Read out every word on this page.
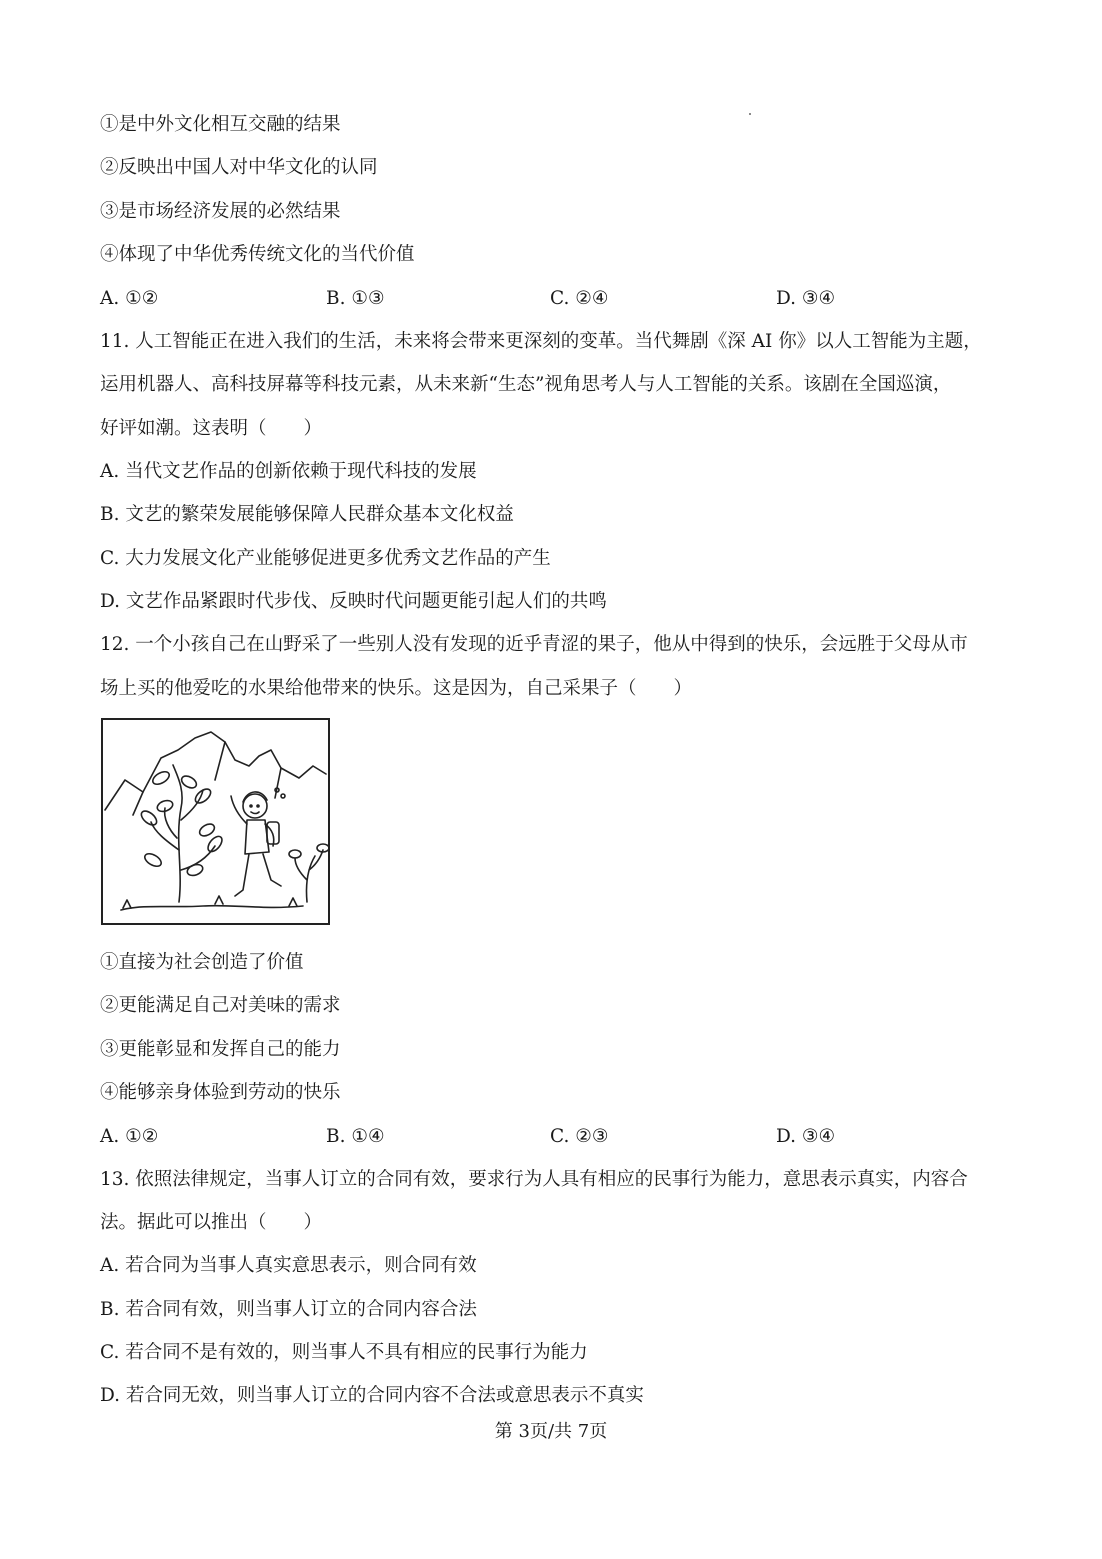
①是中外文化相互交融的结果
②反映出中国人对中华文化的认同
③是市场经济发展的必然结果
④体现了中华优秀传统文化的当代价值
A. ①②	B. ①③	C. ②④	D. ③④
11. 人工智能正在进入我们的生活，未来将会带来更深刻的变革。当代舞剧《深 AI 你》以人工智能为主题，
运用机器人、高科技屏幕等科技元素，从未来新“生态”视角思考人与人工智能的关系。该剧在全国巡演，
好评如潮。这表明（　　）
A. 当代文艺作品的创新依赖于现代科技的发展
B. 文艺的繁荣发展能够保障人民群众基本文化权益
C. 大力发展文化产业能够促进更多优秀文艺作品的产生
D. 文艺作品紧跟时代步伐、反映时代问题更能引起人们的共鸣
12. 一个小孩自己在山野采了一些别人没有发现的近乎青涩的果子，他从中得到的快乐，会远胜于父母从市
场上买的他爱吃的水果给他带来的快乐。这是因为，自己采果子（　　）
①直接为社会创造了价值
②更能满足自己对美味的需求
③更能彰显和发挥自己的能力
④能够亲身体验到劳动的快乐
A. ①②	B. ①④	C. ②③	D. ③④
13. 依照法律规定，当事人订立的合同有效，要求行为人具有相应的民事行为能力，意思表示真实，内容合
法。据此可以推出（　　）
A. 若合同为当事人真实意思表示，则合同有效
B. 若合同有效，则当事人订立的合同内容合法
C. 若合同不是有效的，则当事人不具有相应的民事行为能力
D. 若合同无效，则当事人订立的合同内容不合法或意思表示不真实
第 3页/共 7页
